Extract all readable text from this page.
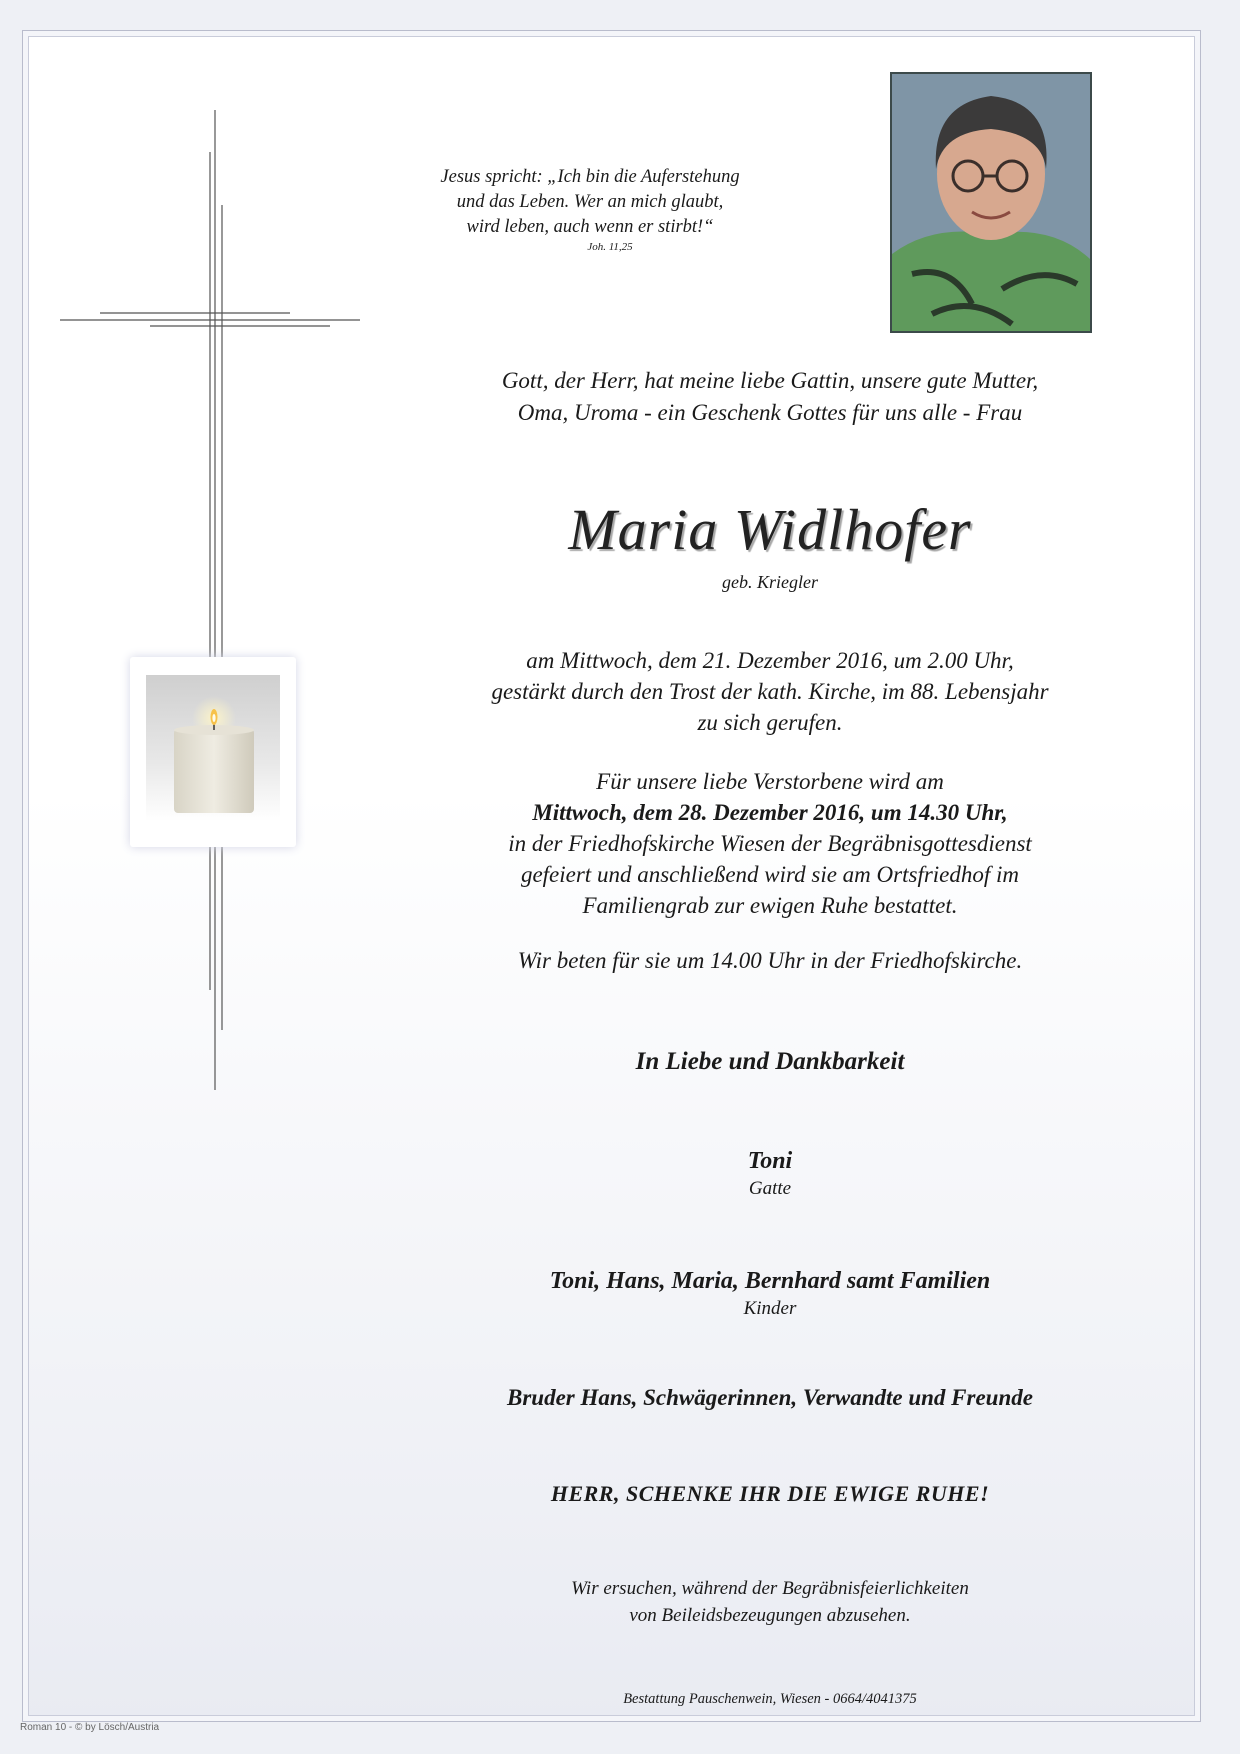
Jesus spricht: „Ich bin die Auferstehung
und das Leben. Wer an mich glaubt,
wird leben, auch wenn er stirbt!“
Joh. 11,25
Gott, der Herr, hat meine liebe Gattin, unsere gute Mutter,
Oma, Uroma - ein Geschenk Gottes für uns alle - Frau
Maria Widlhofer
geb. Kriegler
am Mittwoch, dem 21. Dezember 2016, um 2.00 Uhr,
gestärkt durch den Trost der kath. Kirche, im 88. Lebensjahr
zu sich gerufen.
Für unsere liebe Verstorbene wird am
Mittwoch, dem 28. Dezember 2016, um 14.30 Uhr,
in der Friedhofskirche Wiesen der Begräbnisgottesdienst
gefeiert und anschließend wird sie am Ortsfriedhof im
Familiengrab zur ewigen Ruhe bestattet.
Wir beten für sie um 14.00 Uhr in der Friedhofskirche.
In Liebe und Dankbarkeit
Toni
Gatte
Toni, Hans, Maria, Bernhard samt Familien
Kinder
Bruder Hans, Schwägerinnen, Verwandte und Freunde
HERR, SCHENKE IHR DIE EWIGE RUHE!
Wir ersuchen, während der Begräbnisfeierlichkeiten
von Beileidsbezeugungen abzusehen.
Bestattung Pauschenwein, Wiesen - 0664/4041375
Roman 10 - © by Lösch/Austria
